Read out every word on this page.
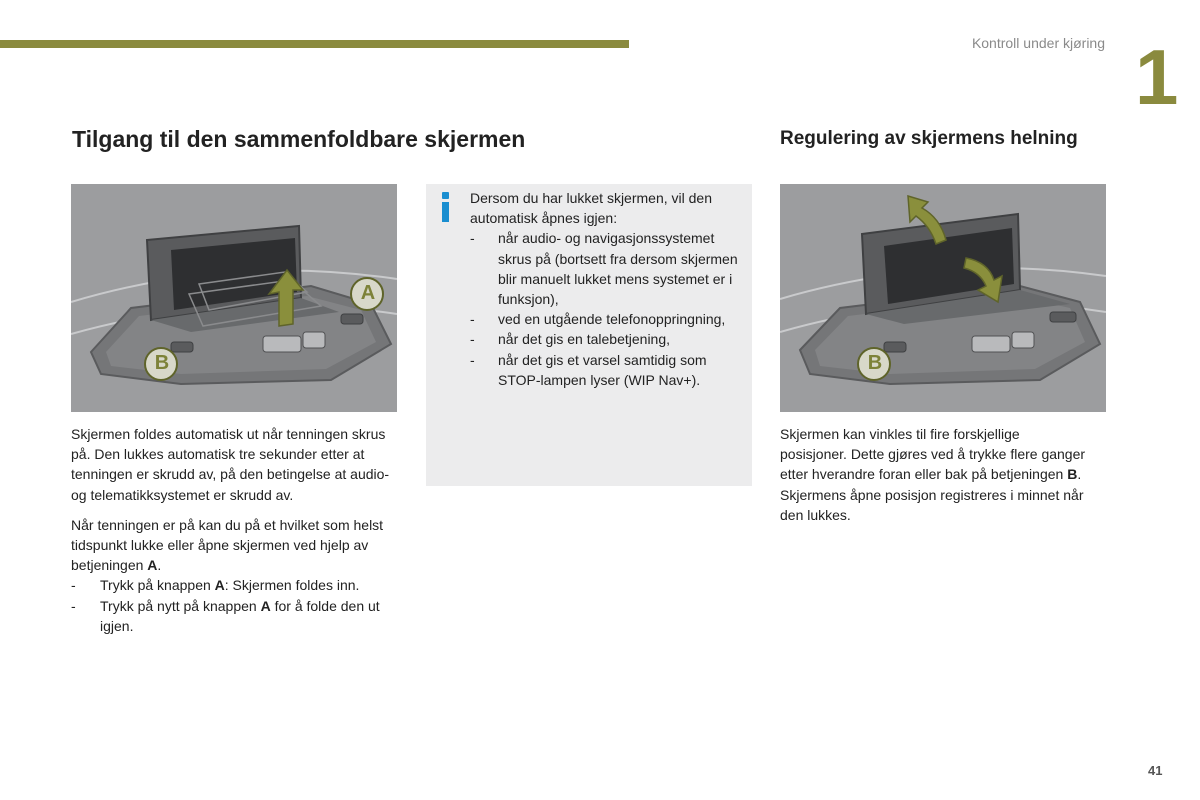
Kontroll under kjøring 1
Tilgang til den sammenfoldbare skjermen	Regulering av skjermens helning
A
B	B

Skjermen foldes automatisk ut når tenningen skrus på. Den lukkes automatisk tre sekunder etter at tenningen er skrudd av, på den betingelse at audio- og telematikksystemet er skrudd av.

Når tenningen er på kan du på et hvilket som helst tidspunkt lukke eller åpne skjermen ved hjelp av betjeningen A.

- Trykk på knappen A: Skjermen foldes inn.
- Trykk på nytt på knappen A for å folde den ut igjen.
Dersom du har lukket skjermen, vil den automatisk åpnes igjen:
- når audio- og navigasjonssystemet skrus på (bortsett fra dersom skjermen blir manuelt lukket mens systemet er i funksjon),
- ved en utgående telefonoppringning,
- når det gis en talebetjening,
- når det gis et varsel samtidig som STOP-lampen lyser (WIP Nav+).

Skjermen kan vinkles til fire forskjellige posisjoner. Dette gjøres ved å trykke flere ganger etter hverandre foran eller bak på betjeningen B. Skjermens åpne posisjon registreres i minnet når den lukkes.

41
